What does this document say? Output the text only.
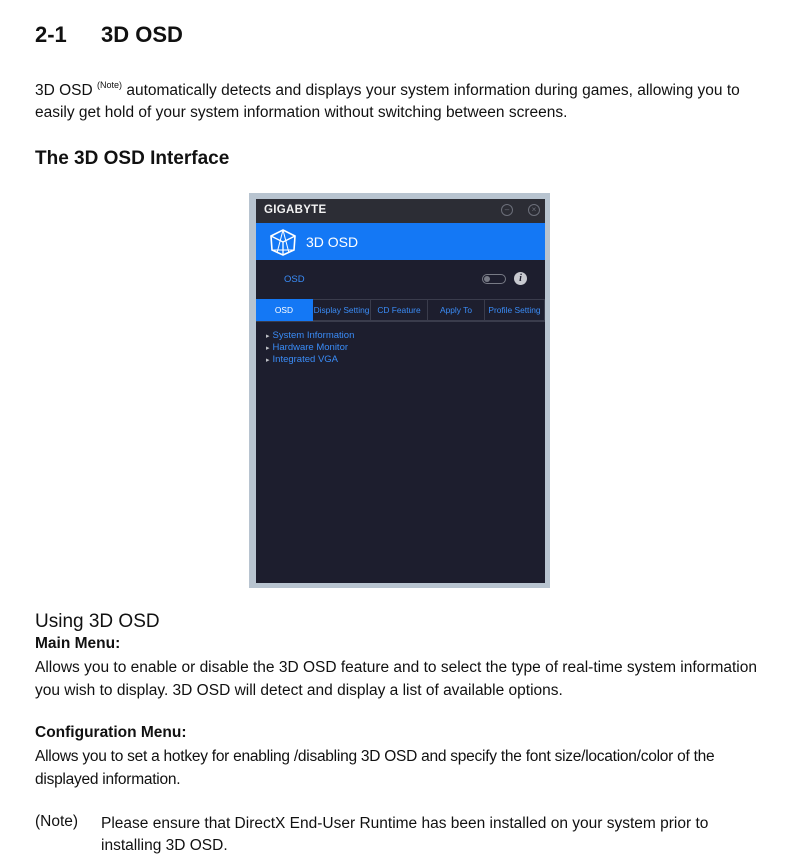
2-1 3D OSD
3D OSD $^{(Note)}$ automatically detects and displays your system information during games, allowing you to easily get hold of your system information without switching between screens.
The 3D OSD Interface
GIGABYTE	–	×
3D OSD
OSD	i
OSD	Display Setting CD Feature	Apply To	Profile Setting
▸ System Information
▸ Hardware Monitor
▸ Integrated VGA
Using 3D OSD
Main Menu:
Allows you to enable or disable the 3D OSD feature and to select the type of real-time system information you wish to display. 3D OSD will detect and display a list of available options.
Configuration Menu:
Allows you to set a hotkey for enabling /disabling 3D OSD and specify the font size/location/color of the displayed information.
(Note) Please ensure that DirectX End-User Runtime has been installed on your system prior to installing 3D OSD.
